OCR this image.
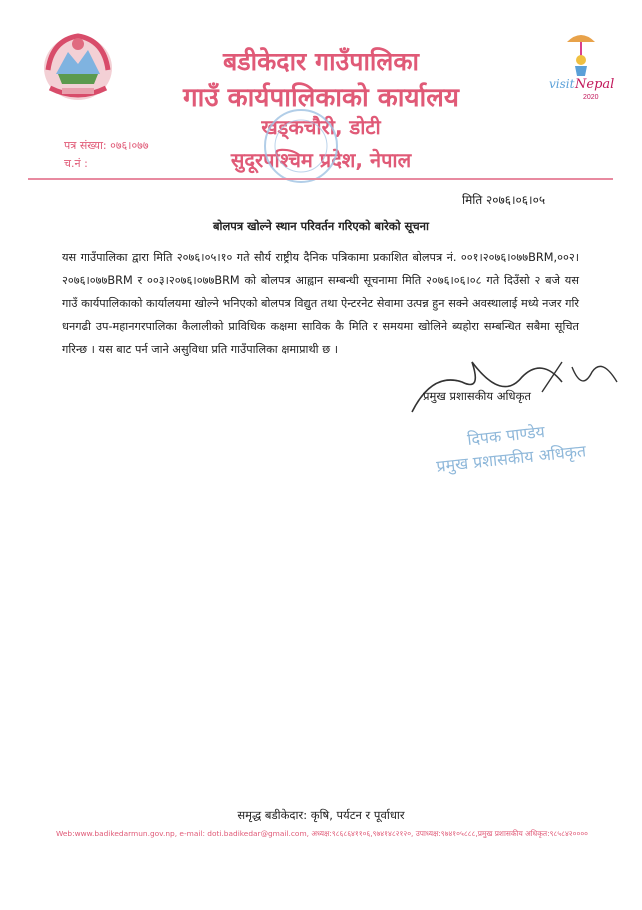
visit Nepal
2020
बडीकेदार गाउँपालिका
गाउँ कार्यपालिकाको कार्यालय
खड्कचौरी, डोटी
सुदूरपश्चिम प्रदेश, नेपाल
पत्र संख्या: ०७६।०७७
च.नं :
मिति २०७६।०६।०५
बोलपत्र खोल्ने स्थान परिवर्तन गरिएको बारेको सूचना
यस गाउँपालिका द्वारा मिति २०७६।०५।१० गते सौर्य राष्ट्रीय दैनिक पत्रिकामा प्रकाशित बोलपत्र नं. ००१।२०७६।०७७BRM,००२।२०७६।०७७BRM र ००३।२०७६।०७७BRM को बोलपत्र आह्वान सम्बन्धी सूचनामा मिति २०७६।०६।०८ गते दिउँसो २ बजे यस गाउँ कार्यपालिकाको कार्यालयमा खोल्ने भनिएको बोलपत्र विद्युत तथा ऐन्टरनेट सेवामा उत्पन्न हुन सक्ने अवस्थालाई मध्ये नजर गरि धनगढी उप-महानगरपालिका कैलालीको प्राविधिक कक्षमा साविक कै मिति र समयमा खोलिने ब्यहोरा सम्बन्धित सबैमा सूचित गरिन्छ । यस बाट पर्न जाने असुविधा प्रति गाउँपालिका क्षमाप्राथी छ ।
प्रमुख प्रशासकीय अधिकृत
दिपक पाण्डेय
प्रमुख प्रशासकीय अधिकृत
समृद्ध बडीकेदार: कृषि, पर्यटन र पूर्वाधार
Web:www.badikedarmun.gov.np, e-mail: doti.badikedar@gmail.com, अध्यक्ष:९८६८६४११०६,९७४१४८२१२०, उपाध्यक्ष:९७४१०५८८८,प्रमुख प्रशासकीय अधिकृत:९८५८४२००००
